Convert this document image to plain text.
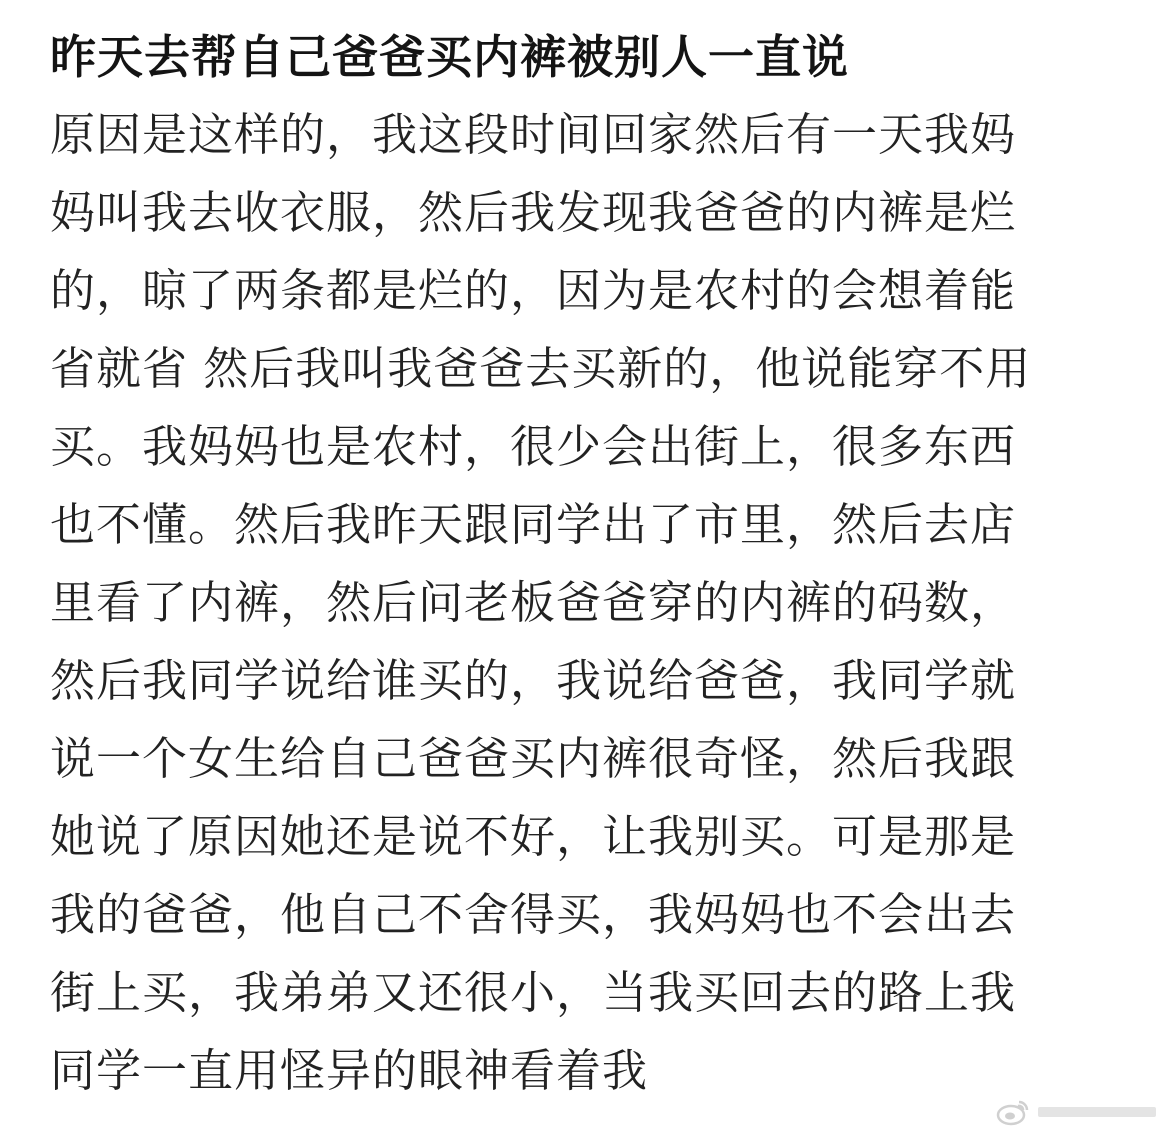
昨天去帮自己爸爸买内裤被别人一直说
原因是这样的，我这段时间回家然后有一天我妈
妈叫我去收衣服，然后我发现我爸爸的内裤是烂
的，晾了两条都是烂的，因为是农村的会想着能
省就省 然后我叫我爸爸去买新的，他说能穿不用
买。我妈妈也是农村，很少会出街上，很多东西
也不懂。然后我昨天跟同学出了市里，然后去店
里看了内裤，然后问老板爸爸穿的内裤的码数，
然后我同学说给谁买的，我说给爸爸，我同学就
说一个女生给自己爸爸买内裤很奇怪，然后我跟
她说了原因她还是说不好，让我别买。可是那是
我的爸爸，他自己不舍得买，我妈妈也不会出去
街上买，我弟弟又还很小，当我买回去的路上我
同学一直用怪异的眼神看着我
